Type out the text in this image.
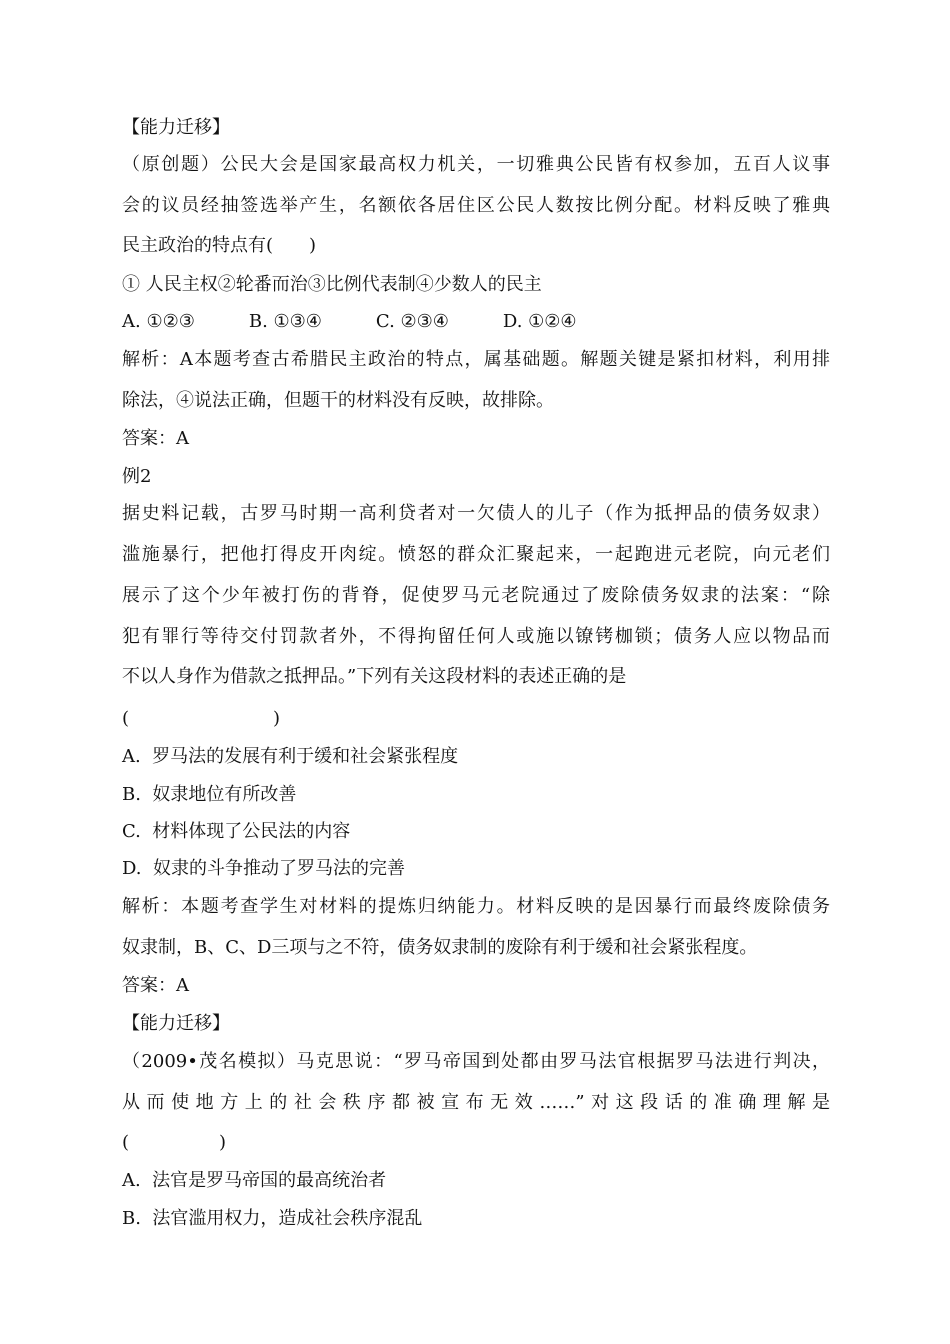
【能力迁移】
（原创题）公民大会是国家最高权力机关，一切雅典公民皆有权参加，五百人议事
会的议员经抽签选举产生，名额依各居住区公民人数按比例分配。材料反映了雅典
民主政治的特点有(　　)
① 人民主权②轮番而治③比例代表制④少数人的民主
A. ①②③　　　B. ①③④　　　C. ②③④　　　D. ①②④
解析：A本题考查古希腊民主政治的特点，属基础题。解题关键是紧扣材料，利用排
除法，④说法正确，但题干的材料没有反映，故排除。
答案：A
例2
据史料记载，古罗马时期一高利贷者对一欠债人的儿子（作为抵押品的债务奴隶）
滥施暴行，把他打得皮开肉绽。愤怒的群众汇聚起来，一起跑进元老院，向元老们
展示了这个少年被打伤的背脊，促使罗马元老院通过了废除债务奴隶的法案：“除
犯有罪行等待交付罚款者外，不得拘留任何人或施以镣铐枷锁；债务人应以物品而
不以人身作为借款之抵押品。”下列有关这段材料的表述正确的是
(　　　　　　　　)
A.  罗马法的发展有利于缓和社会紧张程度
B.  奴隶地位有所改善
C.  材料体现了公民法的内容
D.  奴隶的斗争推动了罗马法的完善
解析：本题考查学生对材料的提炼归纳能力。材料反映的是因暴行而最终废除债务
奴隶制，B、C、D三项与之不符，债务奴隶制的废除有利于缓和社会紧张程度。
答案：A
【能力迁移】
（2009•茂名模拟）马克思说：“罗马帝国到处都由罗马法官根据罗马法进行判决，
从而使地方上的社会秩序都被宣布无效……”对这段话的准确理解是
(　　　　　)
A.  法官是罗马帝国的最高统治者
B.  法官滥用权力，造成社会秩序混乱
